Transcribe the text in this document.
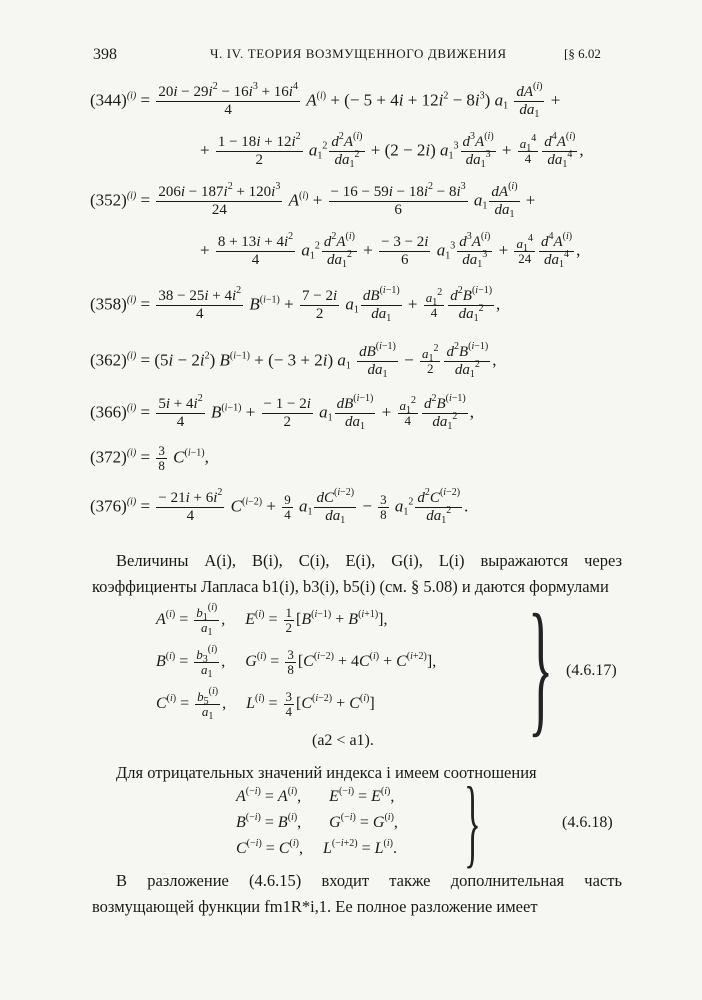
398	Ч. IV. ТЕОРИЯ ВОЗМУЩЕННОГО ДВИЖЕНИЯ	[§ 6.02
$(344)^{(i)} = \frac{20i - 29i^2 - 16i^3 + 16i^4}{4} A^{(i)}$ + (− $5 + 4i + 12i^2 - 8i^3$) $a_1 \frac{dA^{(i)}}{da_1}$ +
+ $\frac{1 - 18i + 12i^2}{2} a_1^2 \frac{d^2A^{(i)}}{da_1^2} + (2 - 2i)$ $a_1^3 \frac{d^3A^{(i)}}{da_1^3} + \frac{a_1^4}{4} \frac{d^4A^{(i)}}{da_1^4}$ ,
$(352)^{(i)} = \frac{206i - 187i^2 + 120i^3}{24} A^{(i)} + \frac{- 16 - 59i - 18i^2 - 8i^3}{6} a_1 \frac{dA^{(i)}}{da_1}$ +
+ $\frac{8 + 13i + 4i^2}{4} a_1^2 \frac{d^2A^{(i)}}{da_1^2} + \frac{- 3 - 2i}{6} a_1^3 \frac{d^3A^{(i)}}{da_1^3} + \frac{a_1^4}{24} \frac{d^4A^{(i)}}{da_1^4}$ ,
$(358)^{(i)} = \frac{38 - 25i + 4i^2}{4} B^{(i-1)} + \frac{7 - 2i}{2} a_1 \frac{dB^{(i-1)}}{da_1} + \frac{a_1^2}{4} \frac{d^2B^{(i-1)}}{da_1^2}$ ,
$(362)^{(i)} = (5i - 2i^2) B^{(i-1)}$ + (− 3 + 2i) $a_1 \frac{dB^{(i-1)}}{da_1} - \frac{a_1^2}{2} \frac{d^2B^{(i-1)}}{da_1^2}$ ,
$(366)^{(i)} = \frac{5i + 4i^2}{4} B^{(i-1)} + \frac{- 1 - 2i}{2} a_1 \frac{dB^{(i-1)}}{da_1} + \frac{a_1^2}{4} \frac{d^2B^{(i-1)}}{da_1^2}$ ,
$(372)^{(i)} = \frac{3}{8} C^{(i-1)}$,
$(376)^{(i)} = \frac{- 21i + 6i^2}{4} C^{(i-2)} + \frac{9}{4} a_1 \frac{dC^{(i-2)}}{da_1} - \frac{3}{8} a_1^2 \frac{d^2C^{(i-2)}}{da_1^2}$ .
Величины A(i), B(i), C(i), E(i), G(i), L(i) выражаются через коэффициенты Лапласа b1(i), b3(i), b5(i) (см. § 5.08) и даются формулами
$A^{(i)} = \frac{b_1^{(i)}}{a_1}$ ,     $E^{(i)} = \frac{1}{2} [B^{(i-1)} + B^{(i+1)}]$,
$B^{(i)} = \frac{b_3^{(i)}}{a_1}$ ,     $G^{(i)} = \frac{3}{8} [C^{(i-2)} + 4C^{(i)} + C^{(i+2)}]$,
$C^{(i)} = \frac{b_5^{(i)}}{a_1}$ ,     $L^{(i)} = \frac{3}{4} [C^{(i-2)} + C^{(i)}]$
(a2 < a1). } (4.6.17)
Для отрицательных значений индекса i имеем соотношения
$A^{(-i)} = A^{(i)}$,       $E^{(-i)} = E^{(i)}$,
$B^{(-i)} = B^{(i)}$,       $G^{(-i)} = G^{(i)}$,
$C^{(-i)} = C^{(i)}$,     $L^{(-i+2)} = L^{(i)}$. }	(4.6.18)
В разложение (4.6.15) входит также дополнительная часть возмущающей функции fm1R*i,1. Ее полное разложение имеет
